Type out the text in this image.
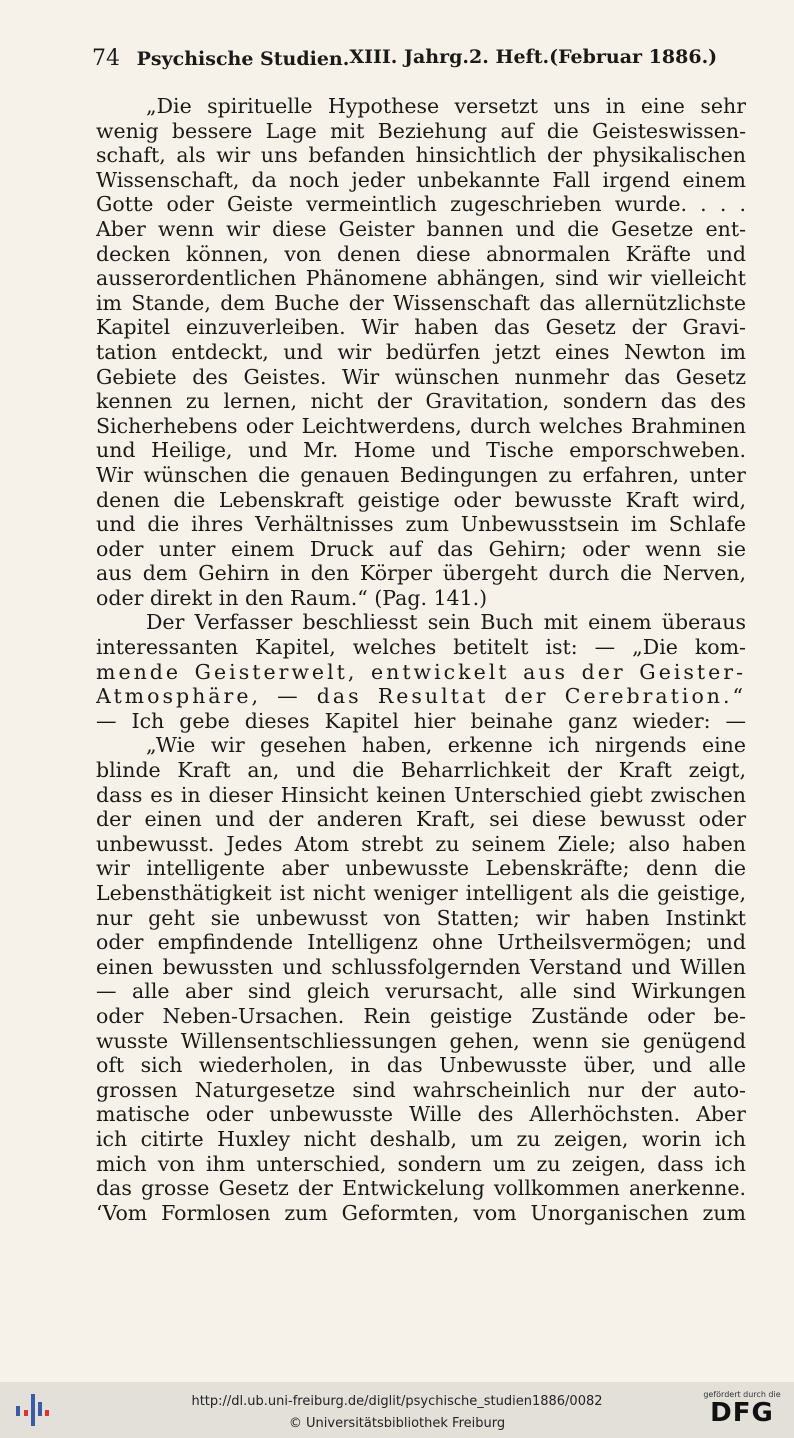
74 Psychische Studien. XIII. Jahrg. 2. Heft. (Februar 1886.)
„Die spirituelle Hypothese versetzt uns in eine sehr
wenig bessere Lage mit Beziehung auf die Geisteswissen-
schaft, als wir uns befanden hinsichtlich der physikalischen
Wissenschaft, da noch jeder unbekannte Fall irgend einem
Gotte oder Geiste vermeintlich zugeschrieben wurde. . . .
Aber wenn wir diese Geister bannen und die Gesetze ent-
decken können, von denen diese abnormalen Kräfte und
ausserordentlichen Phänomene abhängen, sind wir vielleicht
im Stande, dem Buche der Wissenschaft das allernützlichste
Kapitel einzuverleiben. Wir haben das Gesetz der Gravi-
tation entdeckt, und wir bedürfen jetzt eines Newton im
Gebiete des Geistes. Wir wünschen nunmehr das Gesetz
kennen zu lernen, nicht der Gravitation, sondern das des
Sicherhebens oder Leichtwerdens, durch welches Brahminen
und Heilige, und Mr. Home und Tische emporschweben.
Wir wünschen die genauen Bedingungen zu erfahren, unter
denen die Lebenskraft geistige oder bewusste Kraft wird,
und die ihres Verhältnisses zum Unbewusstsein im Schlafe
oder unter einem Druck auf das Gehirn; oder wenn sie
aus dem Gehirn in den Körper übergeht durch die Nerven,
oder direkt in den Raum.“ (Pag. 141.)
Der Verfasser beschliesst sein Buch mit einem überaus
interessanten Kapitel, welches betitelt ist: — „Die kom-
mende Geisterwelt, entwickelt aus der Geister-
Atmosphäre, — das Resultat der Cerebration.“
— Ich gebe dieses Kapitel hier beinahe ganz wieder: —
„Wie wir gesehen haben, erkenne ich nirgends eine
blinde Kraft an, und die Beharrlichkeit der Kraft zeigt,
dass es in dieser Hinsicht keinen Unterschied giebt zwischen
der einen und der anderen Kraft, sei diese bewusst oder
unbewusst. Jedes Atom strebt zu seinem Ziele; also haben
wir intelligente aber unbewusste Lebenskräfte; denn die
Lebensthätigkeit ist nicht weniger intelligent als die geistige,
nur geht sie unbewusst von Statten; wir haben Instinkt
oder empfindende Intelligenz ohne Urtheilsvermögen; und
einen bewussten und schlussfolgernden Verstand und Willen
— alle aber sind gleich verursacht, alle sind Wirkungen
oder Neben-Ursachen. Rein geistige Zustände oder be-
wusste Willensentschliessungen gehen, wenn sie genügend
oft sich wiederholen, in das Unbewusste über, und alle
grossen Naturgesetze sind wahrscheinlich nur der auto-
matische oder unbewusste Wille des Allerhöchsten. Aber
ich citirte Huxley nicht deshalb, um zu zeigen, worin ich
mich von ihm unterschied, sondern um zu zeigen, dass ich
das grosse Gesetz der Entwickelung vollkommen anerkenne.
‘Vom Formlosen zum Geformten, vom Unorganischen zum
http://dl.ub.uni-freiburg.de/diglit/psychische_studien1886/0082
© Universitätsbibliothek Freiburg
gefördert durch die
DFG
